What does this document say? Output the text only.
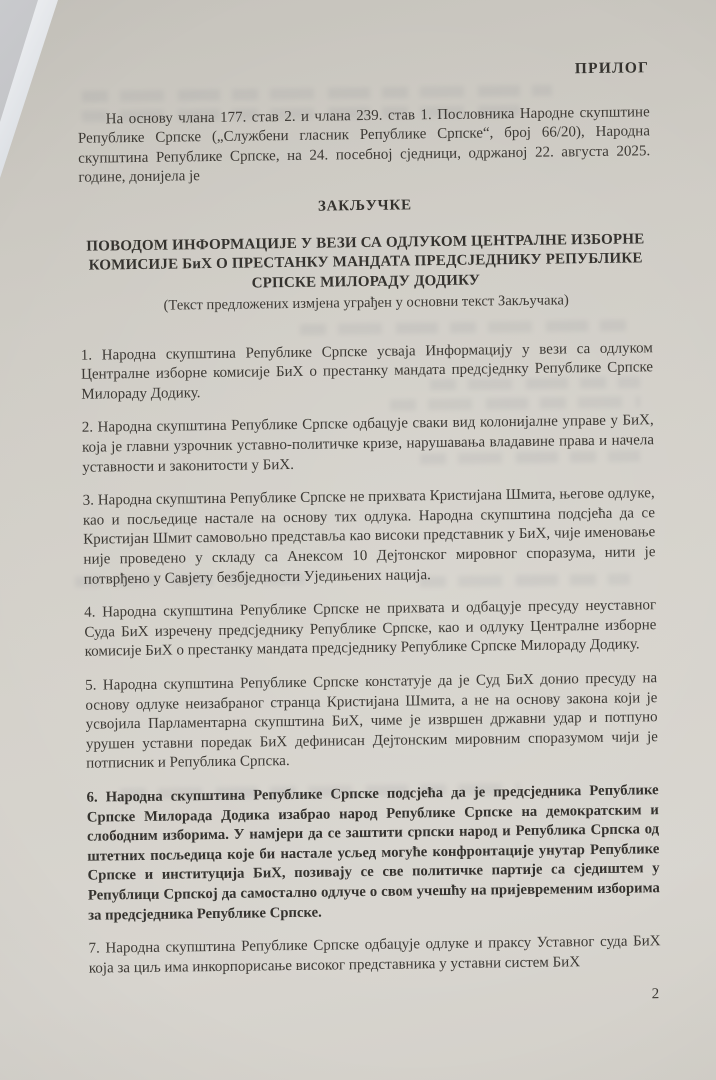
ПРИЛОГ

На основу члана 177. став 2. и члана 239. став 1. Пословника Народне скупштине Републике Српске („Службени гласник Републике Српске“, број 66/20), Народна скупштина Републике Српске, на 24. посебној сједници, одржаној 22. августа 2025. године, донијела је

ЗАКЉУЧКЕ
ПОВОДОМ ИНФОРМАЦИЈЕ У ВЕЗИ СА ОДЛУКОМ ЦЕНТРАЛНЕ ИЗБОРНЕ
КОМИСИЈЕ БиХ О ПРЕСТАНКУ МАНДАТА ПРЕДСЈЕДНИКУ РЕПУБЛИКЕ
СРПСКЕ МИЛОРАДУ ДОДИКУ
(Текст предложених измјена уграђен у основни текст Закључака)

1. Народна скупштина Републике Српске усваја Информацију у вези са одлуком Централне изборне комисије БиХ о престанку мандата предсједнку Републике Српске Милораду Додику.

2. Народна скупштина Републике Српске одбацује сваки вид колонијалне управе у БиХ, која је главни узрочник уставно-политичке кризе, нарушавања владавине права и начела уставности и законитости у БиХ.

3. Народна скупштина Републике Српске не прихвата Кристијана Шмита, његове одлуке, као и посљедице настале на основу тих одлука. Народна скупштина подсјећа да се Кристијан Шмит самовољно представља као високи представник у БиХ, чије именовање није проведено у складу са Анексом 10 Дејтонског мировног споразума, нити је потврђено у Савјету безбједности Уједињених нација.

4. Народна скупштина Републике Српске не прихвата и одбацује пресуду неуставног Суда БиХ изречену предсједнику Републике Српске, као и одлуку Централне изборне комисије БиХ о престанку мандата предсједнику Републике Српске Милораду Додику.

5. Народна скупштина Републике Српске констатује да је Суд БиХ донио пресуду на основу одлуке неизабраног странца Кристијана Шмита, а не на основу закона који је усвојила Парламентарна скупштина БиХ, чиме је извршен државни удар и потпуно урушен уставни поредак БиХ дефинисан Дејтонским мировним споразумом чији је потписник и Република Српска.

6. Народна скупштина Републике Српске подсјећа да је предсједника Републике Српске Милорада Додика изабрао народ Републике Српске на демократским и слободним изборима. У намјери да се заштити српски народ и Република Српска од штетних посљедица које би настале усљед могуће конфронтације унутар Републике Српске и институција БиХ, позивају се све политичке партије са сједиштем у Републици Српској да самостално одлуче о свом учешћу на пријевременим изборима за предсједника Републике Српске.

7. Народна скупштина Републике Српске одбацује одлуке и праксу Уставног суда БиХ која за циљ има инкорпорисање високог представника у уставни систем БиХ

2
